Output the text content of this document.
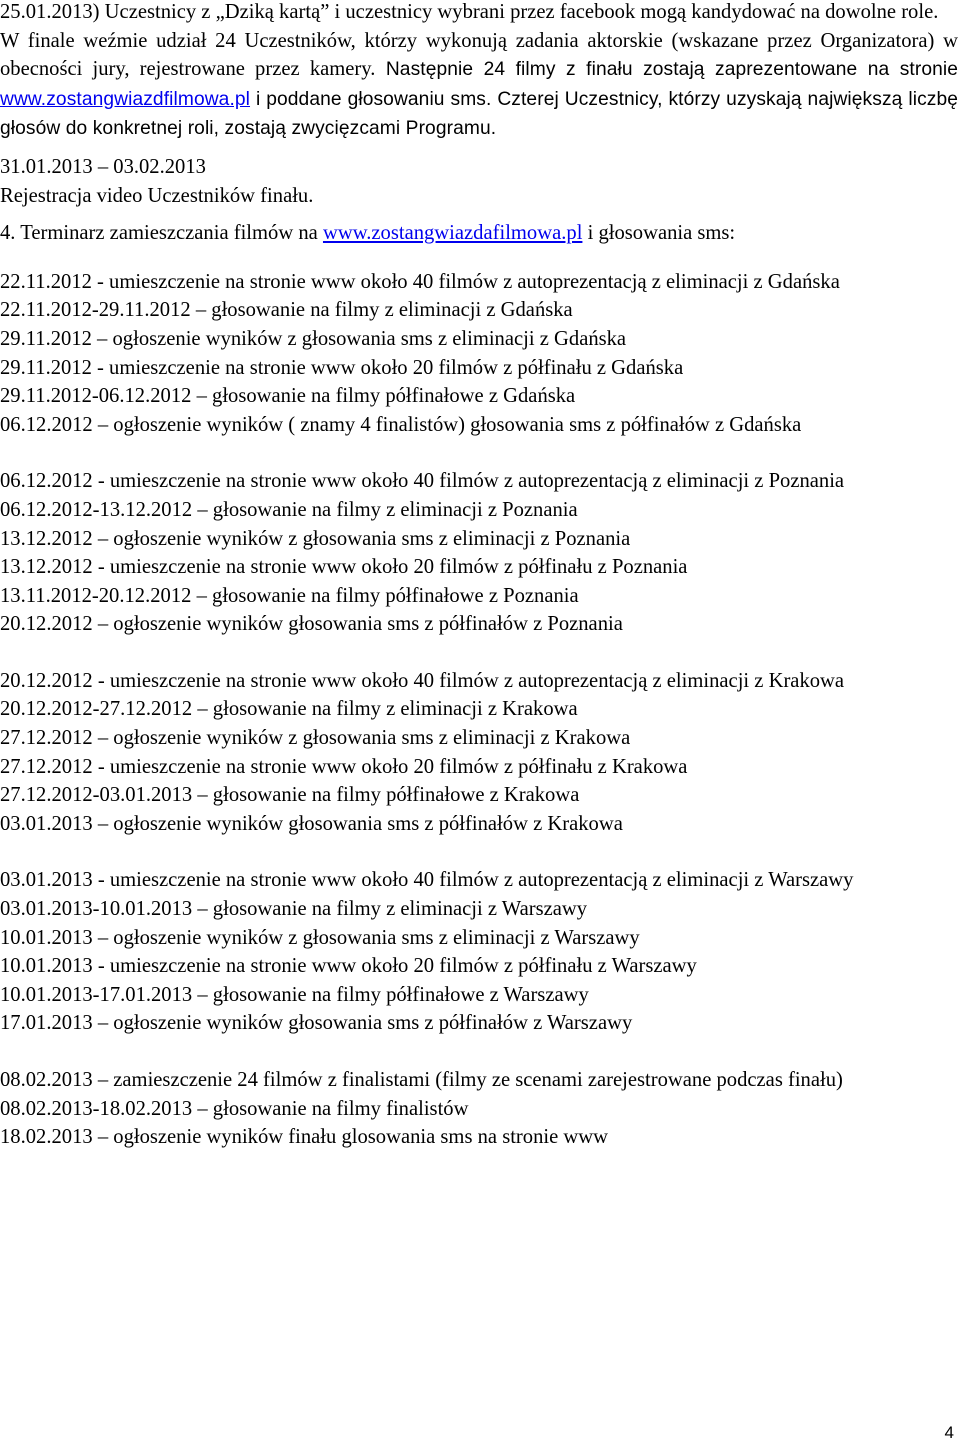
25.01.2013) Uczestnicy z „Dziką kartą” i uczestnicy wybrani przez facebook mogą kandydować na dowolne role.

W finale weźmie udział 24 Uczestników, którzy wykonują zadania aktorskie (wskazane przez Organizatora) w obecności jury, rejestrowane przez kamery. Następnie 24 filmy z finału zostają zaprezentowane na stronie www.zostangwiazdfilmowa.pl i poddane głosowaniu sms. Czterej Uczestnicy, którzy uzyskają największą liczbę głosów do konkretnej roli, zostają zwycięzcami Programu.

31.01.2013 – 03.02.2013

Rejestracja video Uczestników finału.

4. Terminarz zamieszczania filmów na www.zostangwiazdafilmowa.pl i głosowania sms:

22.11.2012 - umieszczenie na stronie www około 40 filmów z autoprezentacją z eliminacji z Gdańska

22.11.2012-29.11.2012 – głosowanie na filmy z eliminacji z Gdańska

29.11.2012 – ogłoszenie wyników z głosowania sms z eliminacji z Gdańska

29.11.2012 - umieszczenie na stronie www około 20 filmów z półfinału z Gdańska

29.11.2012-06.12.2012 – głosowanie na filmy półfinałowe z Gdańska

06.12.2012 – ogłoszenie wyników ( znamy 4 finalistów) głosowania sms z półfinałów z Gdańska

06.12.2012 - umieszczenie na stronie www około 40 filmów z autoprezentacją z eliminacji z Poznania

06.12.2012-13.12.2012 – głosowanie na filmy z eliminacji z Poznania

13.12.2012 – ogłoszenie wyników z głosowania sms z eliminacji z Poznania

13.12.2012 - umieszczenie na stronie www około 20 filmów z półfinału z Poznania

13.11.2012-20.12.2012 – głosowanie na filmy półfinałowe z Poznania

20.12.2012 – ogłoszenie wyników głosowania sms z półfinałów z Poznania

20.12.2012 - umieszczenie na stronie www około 40 filmów z autoprezentacją z eliminacji z Krakowa

20.12.2012-27.12.2012 – głosowanie na filmy z eliminacji z Krakowa

27.12.2012 – ogłoszenie wyników z głosowania sms z eliminacji z Krakowa

27.12.2012 - umieszczenie na stronie www około 20 filmów z półfinału z Krakowa

27.12.2012-03.01.2013 – głosowanie na filmy półfinałowe z Krakowa

03.01.2013 – ogłoszenie wyników głosowania sms z półfinałów z Krakowa

03.01.2013 - umieszczenie na stronie www około 40 filmów z autoprezentacją z eliminacji z Warszawy

03.01.2013-10.01.2013 – głosowanie na filmy z eliminacji z Warszawy

10.01.2013 – ogłoszenie wyników z głosowania sms z eliminacji z Warszawy

10.01.2013 - umieszczenie na stronie www około 20 filmów z półfinału z Warszawy

10.01.2013-17.01.2013 – głosowanie na filmy półfinałowe z Warszawy

17.01.2013 – ogłoszenie wyników głosowania sms z półfinałów z Warszawy

08.02.2013 – zamieszczenie 24 filmów z finalistami (filmy ze scenami zarejestrowane podczas finału)

08.02.2013-18.02.2013 – głosowanie na filmy finalistów

18.02.2013 – ogłoszenie wyników finału glosowania sms na stronie www

4
